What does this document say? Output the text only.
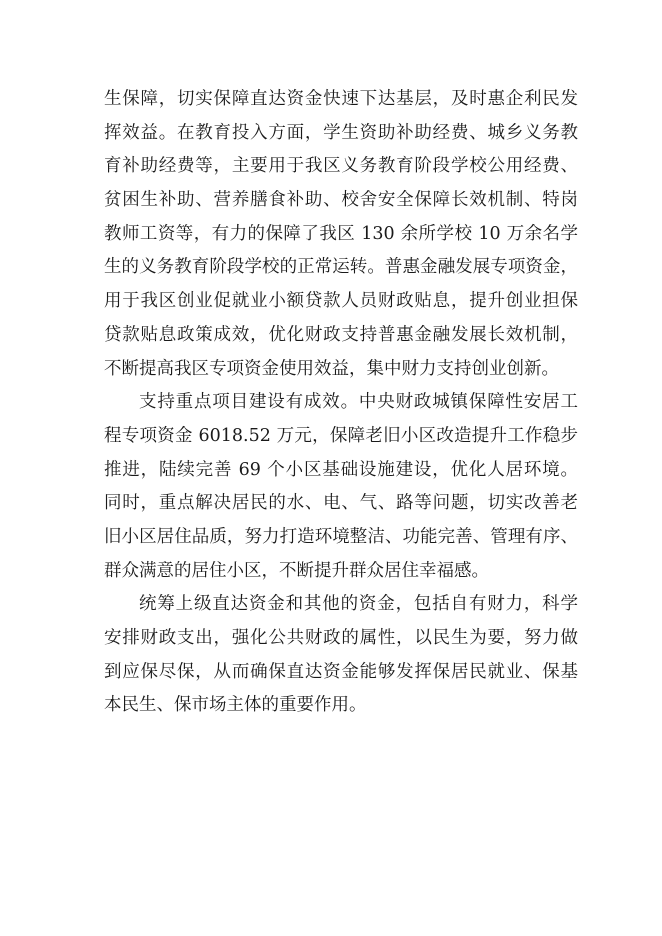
生保障，切实保障直达资金快速下达基层，及时惠企利民发
挥效益。在教育投入方面，学生资助补助经费、城乡义务教
育补助经费等，主要用于我区义务教育阶段学校公用经费、
贫困生补助、营养膳食补助、校舍安全保障长效机制、特岗
教师工资等，有力的保障了我区 130 余所学校 10 万余名学
生的义务教育阶段学校的正常运转。普惠金融发展专项资金，
用于我区创业促就业小额贷款人员财政贴息，提升创业担保
贷款贴息政策成效，优化财政支持普惠金融发展长效机制，
不断提高我区专项资金使用效益，集中财力支持创业创新。
支持重点项目建设有成效。中央财政城镇保障性安居工
程专项资金 6018.52 万元，保障老旧小区改造提升工作稳步
推进，陆续完善 69 个小区基础设施建设，优化人居环境。
同时，重点解决居民的水、电、气、路等问题，切实改善老
旧小区居住品质，努力打造环境整洁、功能完善、管理有序、
群众满意的居住小区，不断提升群众居住幸福感。
统筹上级直达资金和其他的资金，包括自有财力，科学
安排财政支出，强化公共财政的属性，以民生为要，努力做
到应保尽保，从而确保直达资金能够发挥保居民就业、保基
本民生、保市场主体的重要作用。
